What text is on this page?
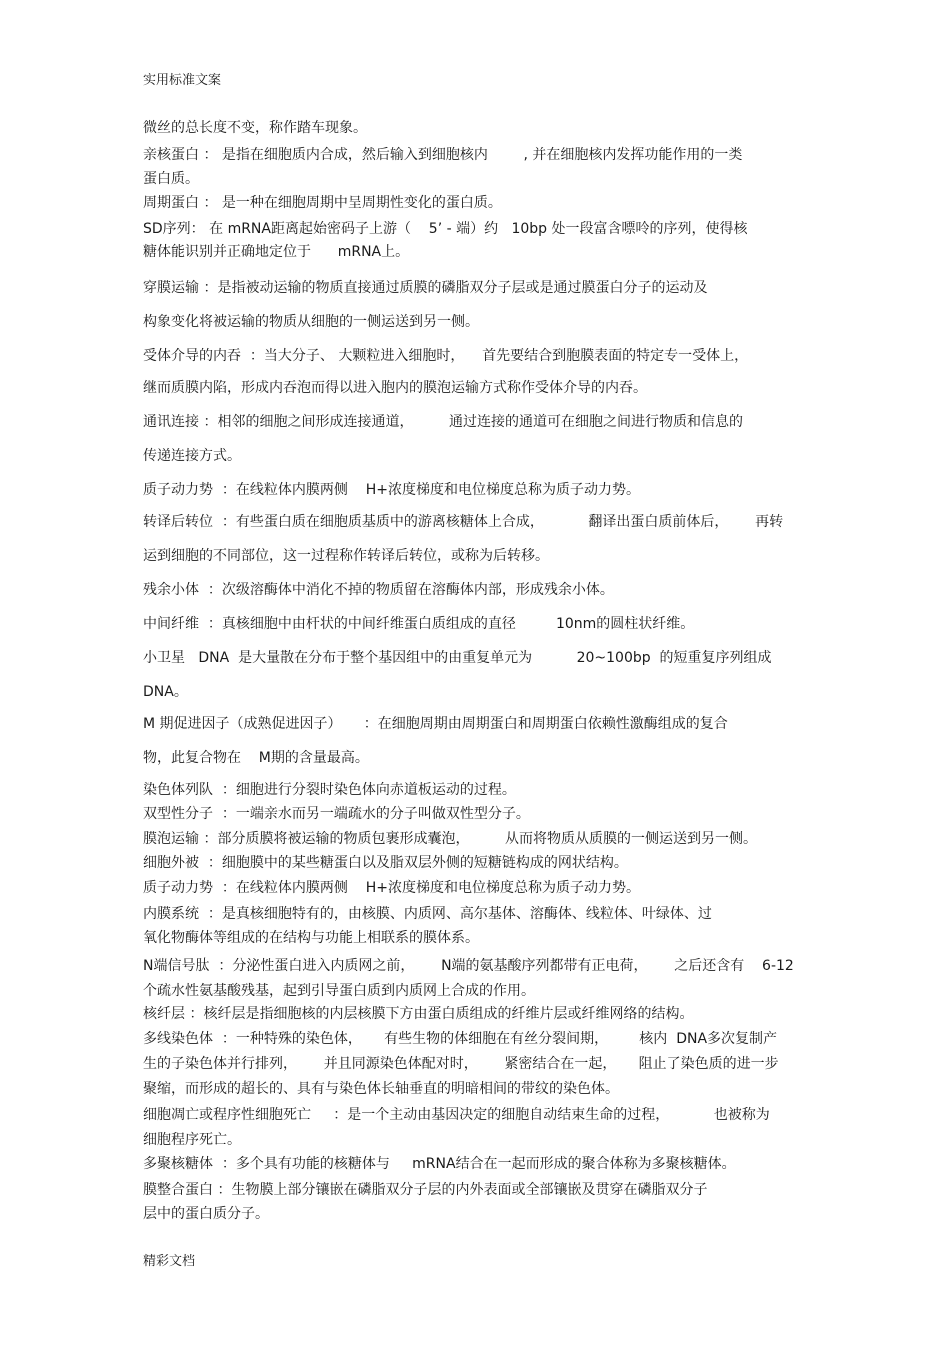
实用标准文案
微丝的总长度不变，称作踏车现象。
亲核蛋白 ： 是指在细胞质内合成，然后输入到细胞核内        , 并在细胞核内发挥功能作用的一类
蛋白质。
周期蛋白 ： 是一种在细胞周期中呈周期性变化的蛋白质。
SD序列： 在 mRNA距离起始密码子上游（    5’ - 端）约   10bp 处一段富含嘌呤的序列，使得核
糖体能识别并正确地定位于      mRNA上。
穿膜运输 ：是指被动运输的物质直接通过质膜的磷脂双分子层或是通过膜蛋白分子的运动及
构象变化将被运输的物质从细胞的一侧运送到另一侧。
受体介导的内吞  ：当大分子、 大颗粒进入细胞时，    首先要结合到胞膜表面的特定专一受体上，
继而质膜内陷，形成内吞泡而得以进入胞内的膜泡运输方式称作受体介导的内吞。
通讯连接 ：相邻的细胞之间形成连接通道，        通过连接的通道可在细胞之间进行物质和信息的
传递连接方式。
质子动力势  ：在线粒体内膜两侧    H+浓度梯度和电位梯度总称为质子动力势。
转译后转位  ：有些蛋白质在细胞质基质中的游离核糖体上合成，          翻译出蛋白质前体后，      再转
运到细胞的不同部位，这一过程称作转译后转位，或称为后转移。
残余小体  ：次级溶酶体中消化不掉的物质留在溶酶体内部，形成残余小体。
中间纤维  ：真核细胞中由杆状的中间纤维蛋白质组成的直径         10nm的圆柱状纤维。
小卫星   DNA  是大量散在分布于整个基因组中的由重复单元为          20~100bp  的短重复序列组成
DNA。
M 期促进因子（成熟促进因子）     ：在细胞周期由周期蛋白和周期蛋白依赖性激酶组成的复合
物，此复合物在    M期的含量最高。
染色体列队  ：细胞进行分裂时染色体向赤道板运动的过程。
双型性分子  ：一端亲水而另一端疏水的分子叫做双性型分子。
膜泡运输 ：部分质膜将被运输的物质包裹形成囊泡，        从而将物质从质膜的一侧运送到另一侧。
细胞外被  ：细胞膜中的某些糖蛋白以及脂双层外侧的短糖链构成的网状结构。
质子动力势  ：在线粒体内膜两侧    H+浓度梯度和电位梯度总称为质子动力势。
内膜系统  ：是真核细胞特有的，由核膜、内质网、高尔基体、溶酶体、线粒体、叶绿体、过
氧化物酶体等组成的在结构与功能上相联系的膜体系。
N端信号肽  ：分泌性蛋白进入内质网之前，      N端的氨基酸序列都带有正电荷，      之后还含有    6-12
个疏水性氨基酸残基，起到引导蛋白质到内质网上合成的作用。
核纤层 ：核纤层是指细胞核的内层核膜下方由蛋白质组成的纤维片层或纤维网络的结构。
多线染色体  ：一种特殊的染色体，     有些生物的体细胞在有丝分裂间期，       核内  DNA多次复制产
生的子染色体并行排列，      并且同源染色体配对时，      紧密结合在一起，     阻止了染色质的进一步
聚缩，而形成的超长的、具有与染色体长轴垂直的明暗相间的带纹的染色体。
细胞凋亡或程序性细胞死亡     ：是一个主动由基因决定的细胞自动结束生命的过程，          也被称为
细胞程序死亡。
多聚核糖体  ：多个具有功能的核糖体与     mRNA结合在一起而形成的聚合体称为多聚核糖体。
膜整合蛋白 ：生物膜上部分镶嵌在磷脂双分子层的内外表面或全部镶嵌及贯穿在磷脂双分子
层中的蛋白质分子。
精彩文档
